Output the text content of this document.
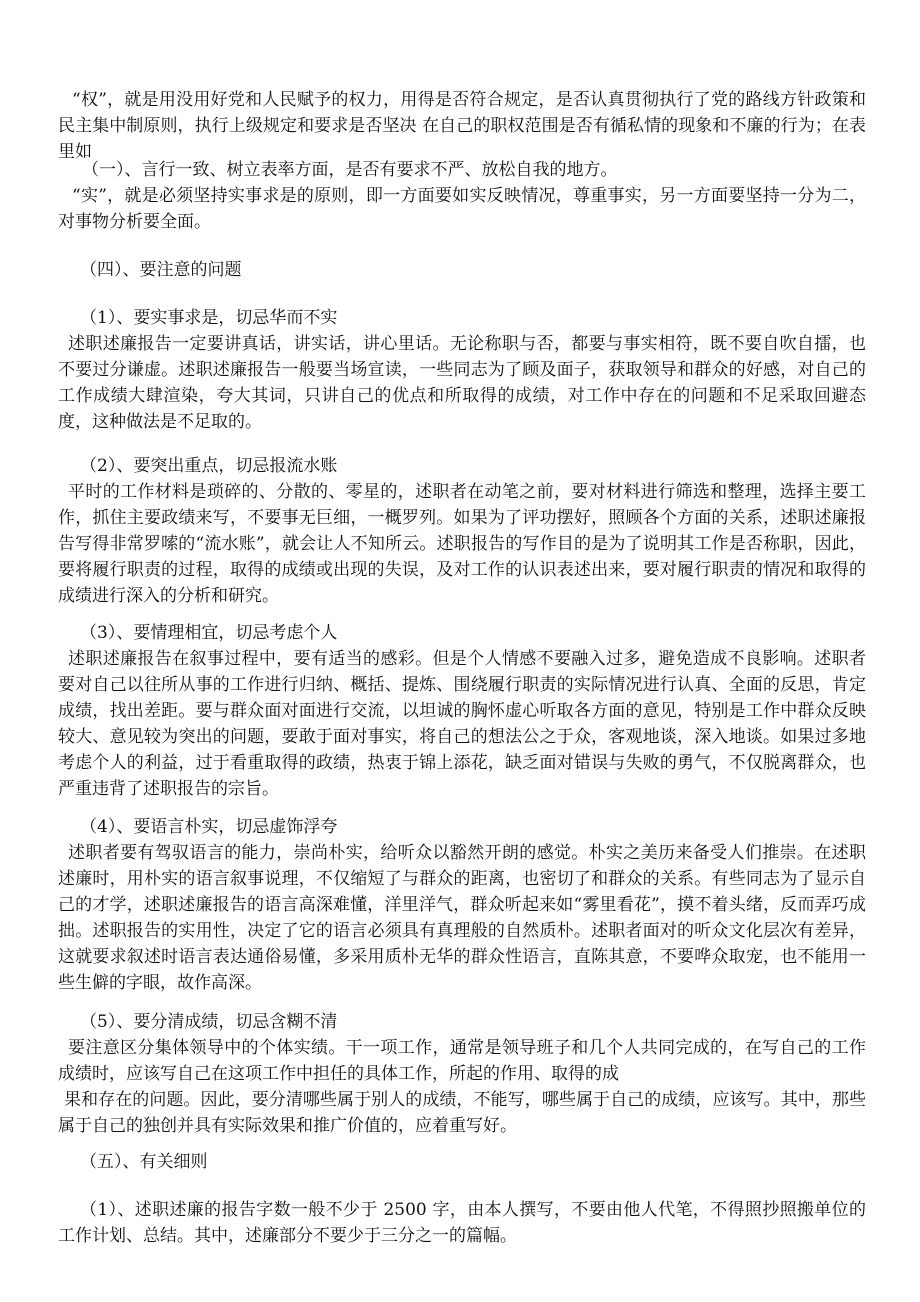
“权”，就是用没用好党和人民赋予的权力，用得是否符合规定，是否认真贯彻执行了党的路线方针政策和民主集中制原则，执行上级规定和要求是否坚决 在自己的职权范围是否有循私情的现象和不廉的行为；在表里如

（一）、言行一致、树立表率方面，是否有要求不严、放松自我的地方。

“实”，就是必须坚持实事求是的原则，即一方面要如实反映情况，尊重事实，另一方面要坚持一分为二，对事物分析要全面。

（四）、要注意的问题

（1）、要实事求是，切忌华而不实

述职述廉报告一定要讲真话，讲实话，讲心里话。无论称职与否，都要与事实相符，既不要自吹自擂，也不要过分谦虚。述职述廉报告一般要当场宣读，一些同志为了顾及面子，获取领导和群众的好感，对自己的工作成绩大肆渲染，夸大其词，只讲自己的优点和所取得的成绩，对工作中存在的问题和不足采取回避态度，这种做法是不足取的。

（2）、要突出重点，切忌报流水账

平时的工作材料是琐碎的、分散的、零星的，述职者在动笔之前，要对材料进行筛选和整理，选择主要工作，抓住主要政绩来写，不要事无巨细，一概罗列。如果为了评功摆好，照顾各个方面的关系，述职述廉报告写得非常罗嗦的“流水账”，就会让人不知所云。述职报告的写作目的是为了说明其工作是否称职，因此，要将履行职责的过程，取得的成绩或出现的失误，及对工作的认识表述出来，要对履行职责的情况和取得的成绩进行深入的分析和研究。

（3）、要情理相宜，切忌考虑个人

述职述廉报告在叙事过程中，要有适当的感彩。但是个人情感不要融入过多，避免造成不良影响。述职者要对自己以往所从事的工作进行归纳、概括、提炼、围绕履行职责的实际情况进行认真、全面的反思，肯定成绩，找出差距。要与群众面对面进行交流，以坦诚的胸怀虚心听取各方面的意见，特别是工作中群众反映较大、意见较为突出的问题，要敢于面对事实，将自己的想法公之于众，客观地谈，深入地谈。如果过多地考虑个人的利益，过于看重取得的政绩，热衷于锦上添花，缺乏面对错误与失败的勇气，不仅脱离群众，也严重违背了述职报告的宗旨。

（4）、要语言朴实，切忌虚饰浮夸

述职者要有驾驭语言的能力，崇尚朴实，给听众以豁然开朗的感觉。朴实之美历来备受人们推崇。在述职述廉时，用朴实的语言叙事说理，不仅缩短了与群众的距离，也密切了和群众的关系。有些同志为了显示自己的才学，述职述廉报告的语言高深难懂，洋里洋气，群众听起来如“雾里看花”，摸不着头绪，反而弄巧成拙。述职报告的实用性，决定了它的语言必须具有真理般的自然质朴。述职者面对的听众文化层次有差异，这就要求叙述时语言表达通俗易懂，多采用质朴无华的群众性语言，直陈其意，不要哗众取宠，也不能用一些生僻的字眼，故作高深。

（5）、要分清成绩，切忌含糊不清

要注意区分集体领导中的个体实绩。干一项工作，通常是领导班子和几个人共同完成的，在写自己的工作成绩时，应该写自己在这项工作中担任的具体工作，所起的作用、取得的成

果和存在的问题。因此，要分清哪些属于别人的成绩，不能写，哪些属于自己的成绩，应该写。其中，那些属于自己的独创并具有实际效果和推广价值的，应着重写好。

（五）、有关细则

（1）、述职述廉的报告字数一般不少于 2500 字，由本人撰写，不要由他人代笔，不得照抄照搬单位的工作计划、总结。其中，述廉部分不要少于三分之一的篇幅。
